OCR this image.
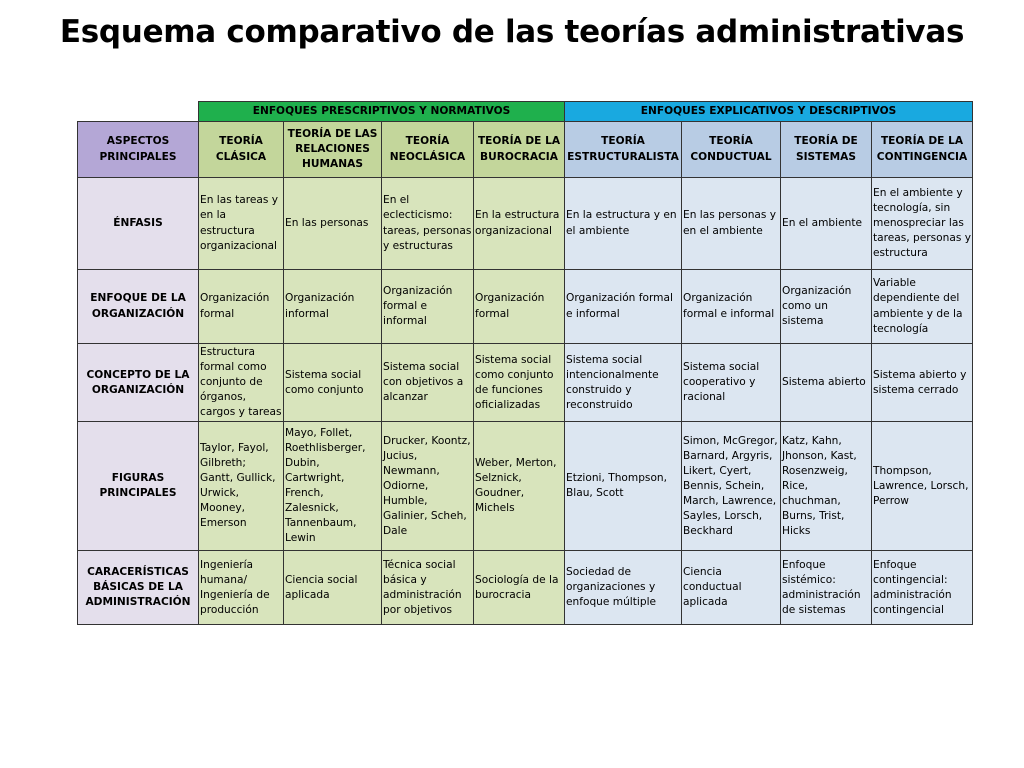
Esquema comparativo de las teorías administrativas
	ENFOQUES PRESCRIPTIVOS Y NORMATIVOS				ENFOQUES EXPLICATIVOS Y DESCRIPTIVOS			
ASPECTOS PRINCIPALES	TEORÍA CLÁSICA	TEORÍA DE LAS RELACIONES HUMANAS	TEORÍA NEOCLÁSICA	TEORÍA DE LA BUROCRACIA	TEORÍA ESTRUCTURALISTA	TEORÍA CONDUCTUAL	TEORÍA DE SISTEMAS	TEORÍA DE LA CONTINGENCIA
ÉNFASIS	En las tareas y en la estructura organizacional	En las personas	En el eclecticismo: tareas, personas y estructuras	En la estructura organizacional	En la estructura y en el ambiente	En las personas y en el ambiente	En el ambiente	En el ambiente y tecnología, sin menospreciar las tareas, personas y estructura
ENFOQUE DE LA ORGANIZACIÓN	Organización formal	Organización informal	Organización formal e informal	Organización formal	Organización formal e informal	Organización formal e informal	Organización como un sistema	Variable dependiente del ambiente y de la tecnología
CONCEPTO DE LA ORGANIZACIÓN	Estructura formal como conjunto de órganos, cargos y tareas	Sistema social como conjunto	Sistema social con objetivos a alcanzar	Sistema social como conjunto de funciones oficializadas	Sistema social intencionalmente construido y reconstruido	Sistema social cooperativo y racional	Sistema abierto	Sistema abierto y sistema cerrado
FIGURAS PRINCIPALES	Taylor, Fayol, Gilbreth; Gantt, Gullick, Urwick, Mooney, Emerson	Mayo, Follet, Roethlisberger, Dubin, Cartwright, French, Zalesnick, Tannenbaum, Lewin	Drucker, Koontz, Jucius, Newmann, Odiorne, Humble, Galinier, Scheh, Dale	Weber, Merton, Selznick, Goudner, Michels	Etzioni, Thompson, Blau, Scott	Simon, McGregor, Barnard, Argyris, Likert, Cyert, Bennis, Schein, March, Lawrence, Sayles, Lorsch, Beckhard	Katz, Kahn, Jhonson, Kast, Rosenzweig, Rice, chuchman, Burns, Trist, Hicks	Thompson, Lawrence, Lorsch, Perrow
CARACERÍSTICAS BÁSICAS DE LA ADMINISTRACIÓN	Ingeniería humana/ Ingeniería de producción	Ciencia social aplicada	Técnica social básica y administración por objetivos	Sociología de la burocracia	Sociedad de organizaciones y enfoque múltiple	Ciencia conductual aplicada	Enfoque sistémico: administración de sistemas	Enfoque contingencial: administración contingencial
